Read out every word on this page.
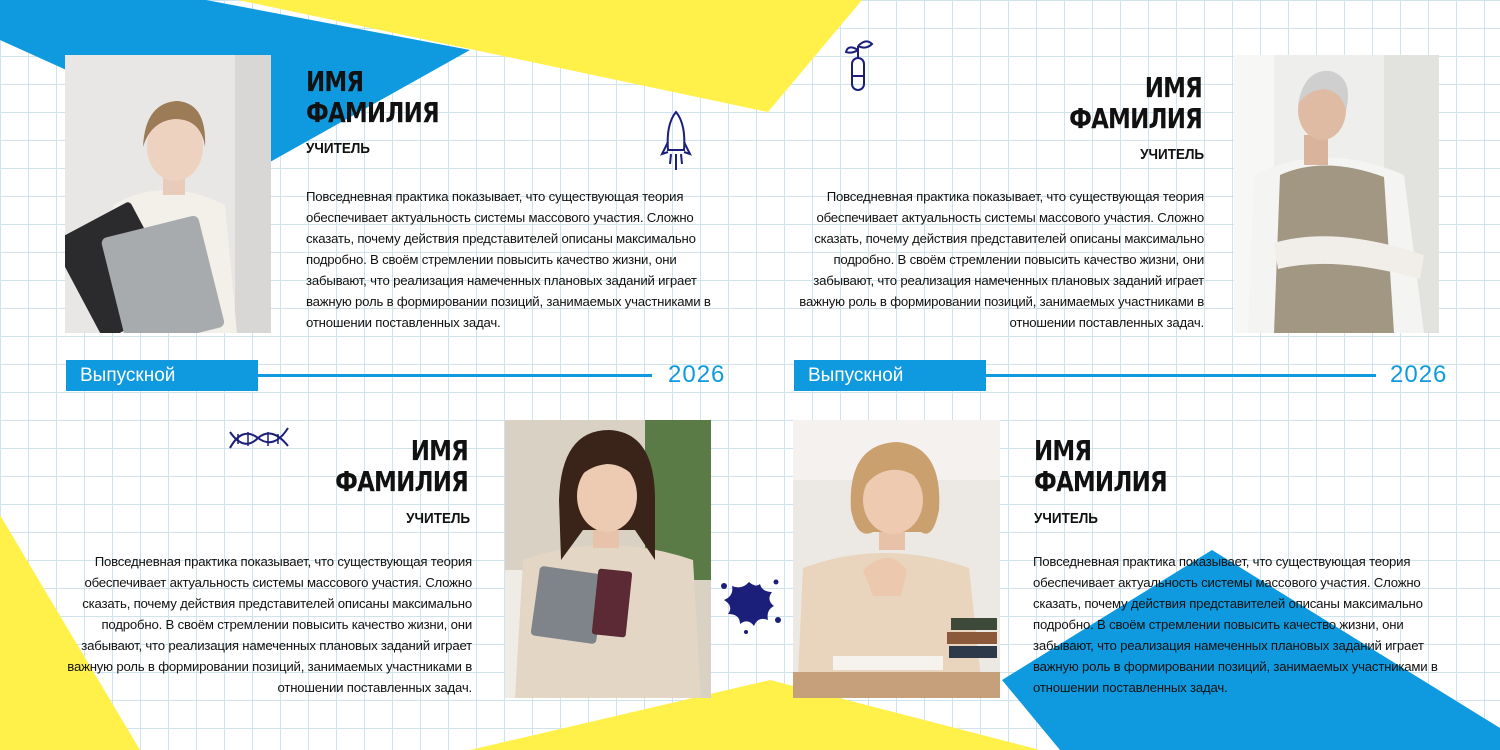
ИМЯ
ФАМИЛИЯ
УЧИТЕЛЬ

Повседневная практика показывает, что существующая теория обеспечивает актуальность системы массового участия. Сложно сказать, почему действия представителей описаны максимально подробно. В своём стремлении повысить качество жизни, они забывают, что реализация намеченных плановых заданий играет важную роль в формировании позиций, занимаемых участниками в отношении поставленных задач.

ИМЯ
ФАМИЛИЯ
УЧИТЕЛЬ

Повседневная практика показывает, что существующая теория обеспечивает актуальность системы массового участия. Сложно сказать, почему действия представителей описаны максимально подробно. В своём стремлении повысить качество жизни, они забывают, что реализация намеченных плановых заданий играет важную роль в формировании позиций, занимаемых участниками в отношении поставленных задач.

Выпускной	2026	Выпускной	2026
ИМЯ
ФАМИЛИЯ
УЧИТЕЛЬ

Повседневная практика показывает, что существующая теория обеспечивает актуальность системы массового участия. Сложно сказать, почему действия представителей описаны максимально подробно. В своём стремлении повысить качество жизни, они забывают, что реализация намеченных плановых заданий играет важную роль в формировании позиций, занимаемых участниками в отношении поставленных задач.

ИМЯ
ФАМИЛИЯ
УЧИТЕЛЬ

Повседневная практика показывает, что существующая теория обеспечивает актуальность системы массового участия. Сложно сказать, почему действия представителей описаны максимально подробно. В своём стремлении повысить качество жизни, они забывают, что реализация намеченных плановых заданий играет важную роль в формировании позиций, занимаемых участниками в отношении поставленных задач.
